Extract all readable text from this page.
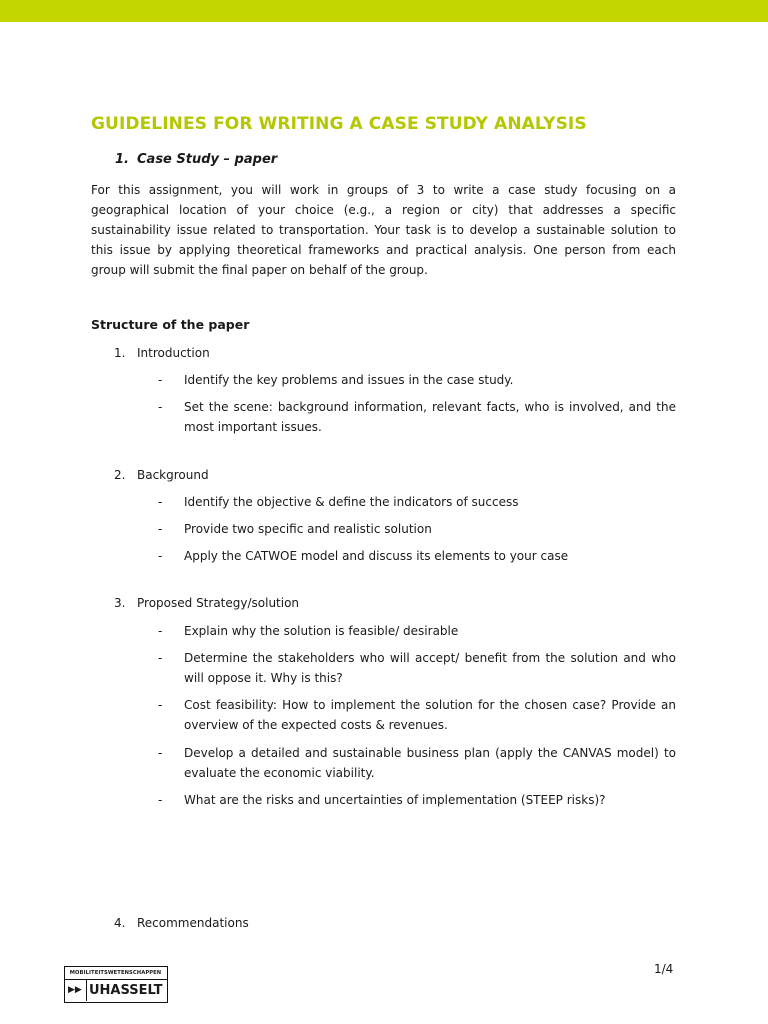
GUIDELINES FOR WRITING A CASE STUDY ANALYSIS
1. Case Study – paper
For this assignment, you will work in groups of 3 to write a case study focusing on a geographical location of your choice (e.g., a region or city) that addresses a specific sustainability issue related to transportation. Your task is to develop a sustainable solution to this issue by applying theoretical frameworks and practical analysis. One person from each group will submit the final paper on behalf of the group.
Structure of the paper
1. Introduction
- Identify the key problems and issues in the case study.
- Set the scene: background information, relevant facts, who is involved, and the most important issues.
2. Background
- Identify the objective & define the indicators of success
- Provide two specific and realistic solution
- Apply the CATWOE model and discuss its elements to your case
3. Proposed Strategy/solution
- Explain why the solution is feasible/ desirable
- Determine the stakeholders who will accept/ benefit from the solution and who will oppose it. Why is this?
- Cost feasibility: How to implement the solution for the chosen case? Provide an overview of the expected costs & revenues.
- Develop a detailed and sustainable business plan (apply the CANVAS model) to evaluate the economic viability.
- What are the risks and uncertainties of implementation (STEEP risks)?
4. Recommendations
MOBILITEITSWETENSCHAPPEN
▶▶ UHASSELT
1/4
